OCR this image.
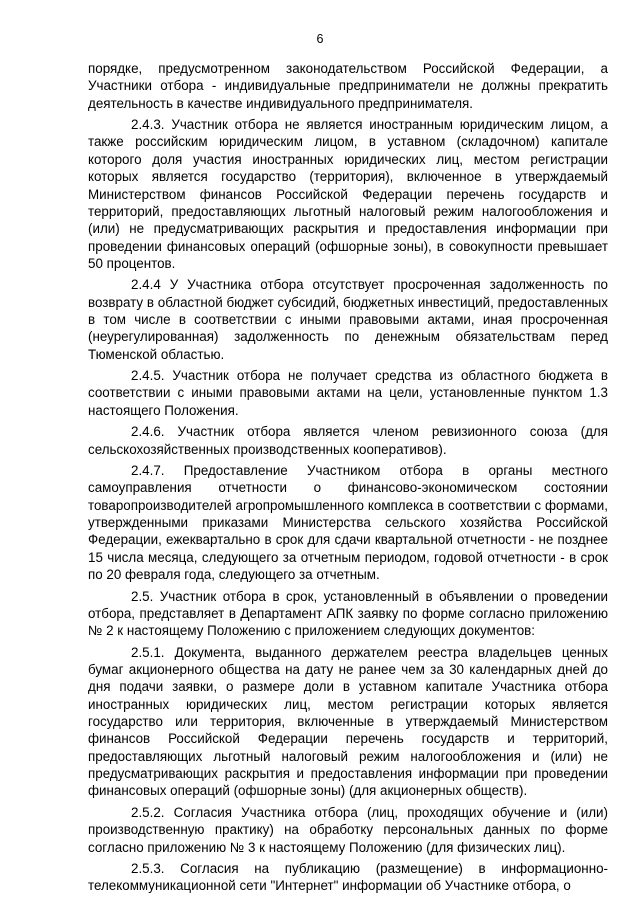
6

порядке, предусмотренном законодательством Российской Федерации, а Участники отбора - индивидуальные предприниматели не должны прекратить деятельность в качестве индивидуального предпринимателя.

2.4.3. Участник отбора не является иностранным юридическим лицом, а также российским юридическим лицом, в уставном (складочном) капитале которого доля участия иностранных юридических лиц, местом регистрации которых является государство (территория), включенное в утверждаемый Министерством финансов Российской Федерации перечень государств и территорий, предоставляющих льготный налоговый режим налогообложения и (или) не предусматривающих раскрытия и предоставления информации при проведении финансовых операций (офшорные зоны), в совокупности превышает 50 процентов.

2.4.4 У Участника отбора отсутствует просроченная задолженность по возврату в областной бюджет субсидий, бюджетных инвестиций, предоставленных в том числе в соответствии с иными правовыми актами, иная просроченная (неурегулированная) задолженность по денежным обязательствам перед Тюменской областью.

2.4.5. Участник отбора не получает средства из областного бюджета в соответствии с иными правовыми актами на цели, установленные пунктом 1.3 настоящего Положения.

2.4.6. Участник отбора является членом ревизионного союза (для сельскохозяйственных производственных кооперативов).

2.4.7. Предоставление Участником отбора в органы местного самоуправления отчетности о финансово-экономическом состоянии товаропроизводителей агропромышленного комплекса в соответствии с формами, утвержденными приказами Министерства сельского хозяйства Российской Федерации, ежеквартально в срок для сдачи квартальной отчетности - не позднее 15 числа месяца, следующего за отчетным периодом, годовой отчетности - в срок по 20 февраля года, следующего за отчетным.

2.5. Участник отбора в срок, установленный в объявлении о проведении отбора, представляет в Департамент АПК заявку по форме согласно приложению № 2 к настоящему Положению с приложением следующих документов:

2.5.1. Документа, выданного держателем реестра владельцев ценных бумаг акционерного общества на дату не ранее чем за 30 календарных дней до дня подачи заявки, о размере доли в уставном капитале Участника отбора иностранных юридических лиц, местом регистрации которых является государство или территория, включенные в утверждаемый Министерством финансов Российской Федерации перечень государств и территорий, предоставляющих льготный налоговый режим налогообложения и (или) не предусматривающих раскрытия и предоставления информации при проведении финансовых операций (офшорные зоны) (для акционерных обществ).

2.5.2. Согласия Участника отбора (лиц, проходящих обучение и (или) производственную практику) на обработку персональных данных по форме согласно приложению № 3 к настоящему Положению (для физических лиц).

2.5.3. Согласия на публикацию (размещение) в информационно-телекоммуникационной сети "Интернет" информации об Участнике отбора, о
